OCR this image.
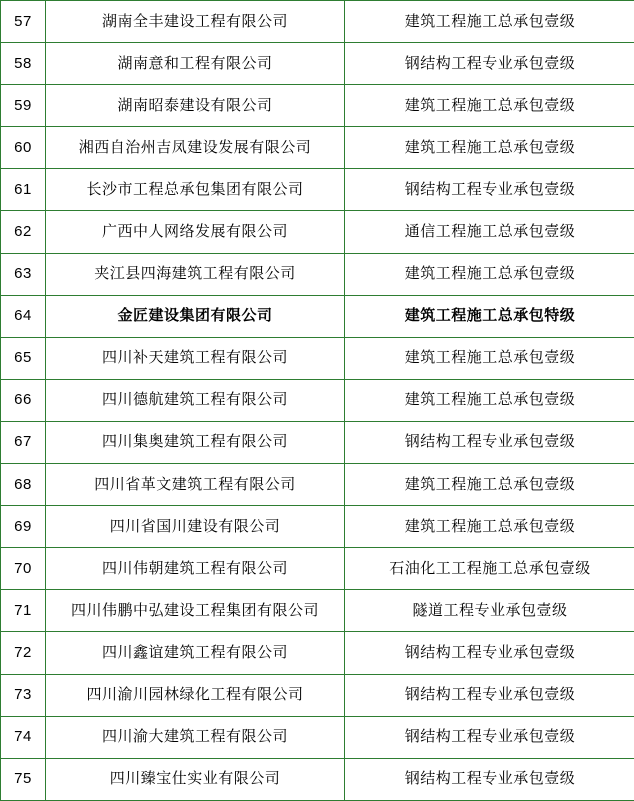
57	湖南全丰建设工程有限公司	建筑工程施工总承包壹级
58	湖南意和工程有限公司	钢结构工程专业承包壹级
59	湖南昭泰建设有限公司	建筑工程施工总承包壹级
60	湘西自治州吉凤建设发展有限公司	建筑工程施工总承包壹级
61	长沙市工程总承包集团有限公司	钢结构工程专业承包壹级
62	广西中人网络发展有限公司	通信工程施工总承包壹级
63	夹江县四海建筑工程有限公司	建筑工程施工总承包壹级
64	金匠建设集团有限公司	建筑工程施工总承包特级
65	四川补天建筑工程有限公司	建筑工程施工总承包壹级
66	四川德航建筑工程有限公司	建筑工程施工总承包壹级
67	四川集奥建筑工程有限公司	钢结构工程专业承包壹级
68	四川省革文建筑工程有限公司	建筑工程施工总承包壹级
69	四川省国川建设有限公司	建筑工程施工总承包壹级
70	四川伟朝建筑工程有限公司	石油化工工程施工总承包壹级
71	四川伟鹏中弘建设工程集团有限公司	隧道工程专业承包壹级
72	四川鑫谊建筑工程有限公司	钢结构工程专业承包壹级
73	四川渝川园林绿化工程有限公司	钢结构工程专业承包壹级
74	四川渝大建筑工程有限公司	钢结构工程专业承包壹级
75	四川臻宝仕实业有限公司	钢结构工程专业承包壹级
